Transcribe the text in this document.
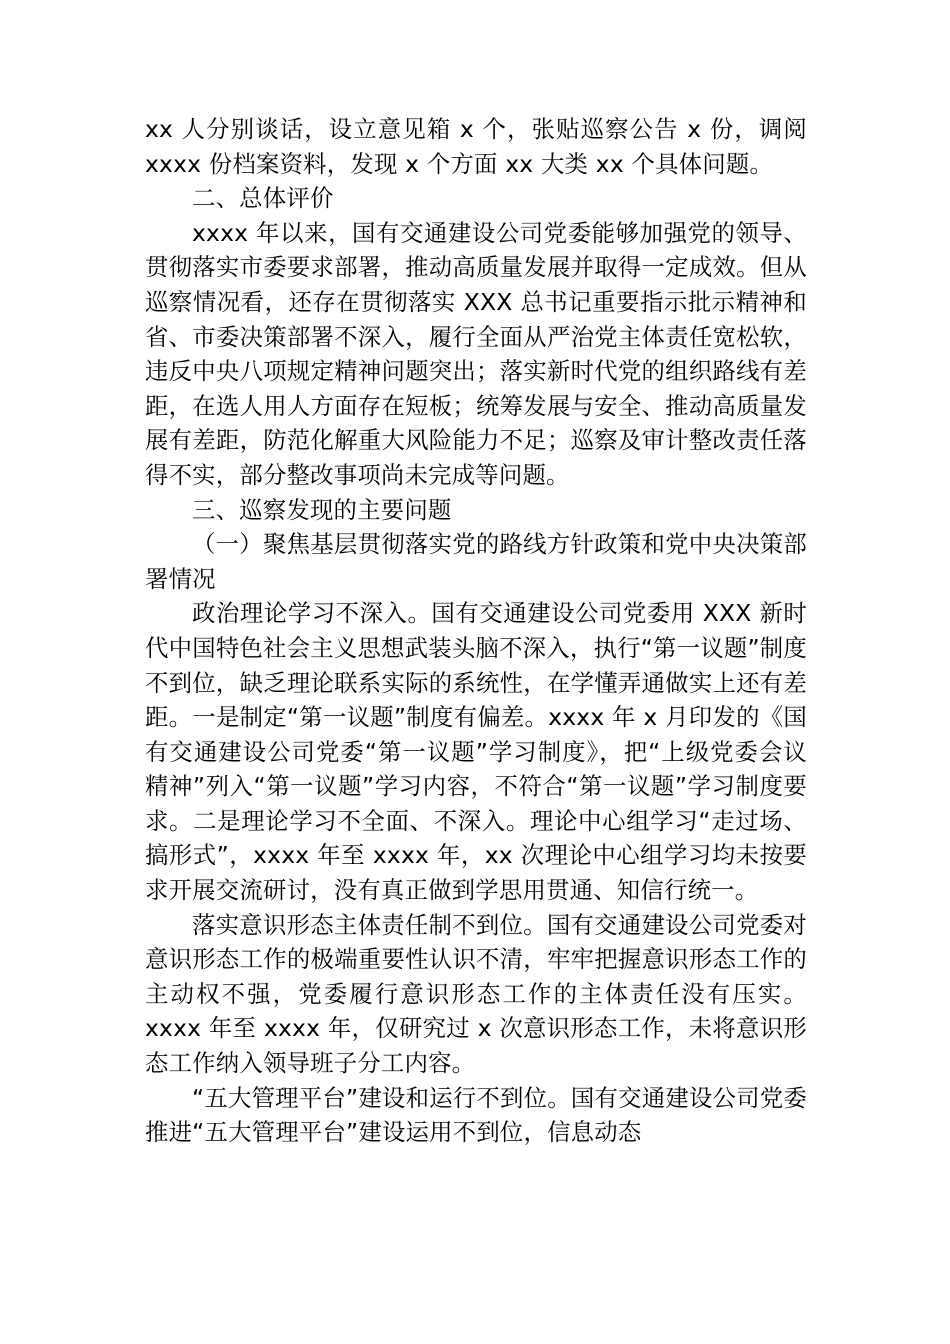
xx 人分别谈话，设立意见箱 x 个，张贴巡察公告 x 份，调阅 xxxx 份档案资料，发现 x 个方面 xx 大类 xx 个具体问题。

二、总体评价

xxxx 年以来，国有交通建设公司党委能够加强党的领导、贯彻落实市委要求部署，推动高质量发展并取得一定成效。但从巡察情况看，还存在贯彻落实 XXX 总书记重要指示批示精神和省、市委决策部署不深入，履行全面从严治党主体责任宽松软，违反中央八项规定精神问题突出；落实新时代党的组织路线有差距，在选人用人方面存在短板；统筹发展与安全、推动高质量发展有差距，防范化解重大风险能力不足；巡察及审计整改责任落得不实，部分整改事项尚未完成等问题。

三、巡察发现的主要问题

（一）聚焦基层贯彻落实党的路线方针政策和党中央决策部署情况

政治理论学习不深入。国有交通建设公司党委用 XXX 新时代中国特色社会主义思想武装头脑不深入，执行“第一议题”制度不到位，缺乏理论联系实际的系统性，在学懂弄通做实上还有差距。一是制定“第一议题”制度有偏差。xxxx 年 x 月印发的《国有交通建设公司党委“第一议题”学习制度》，把“上级党委会议精神”列入“第一议题”学习内容，不符合“第一议题”学习制度要求。二是理论学习不全面、不深入。理论中心组学习“走过场、搞形式”，xxxx 年至 xxxx 年，xx 次理论中心组学习均未按要求开展交流研讨，没有真正做到学思用贯通、知信行统一。

落实意识形态主体责任制不到位。国有交通建设公司党委对意识形态工作的极端重要性认识不清，牢牢把握意识形态工作的主动权不强，党委履行意识形态工作的主体责任没有压实。xxxx 年至 xxxx 年，仅研究过 x 次意识形态工作，未将意识形态工作纳入领导班子分工内容。

“五大管理平台”建设和运行不到位。国有交通建设公司党委推进“五大管理平台”建设运用不到位，信息动态
